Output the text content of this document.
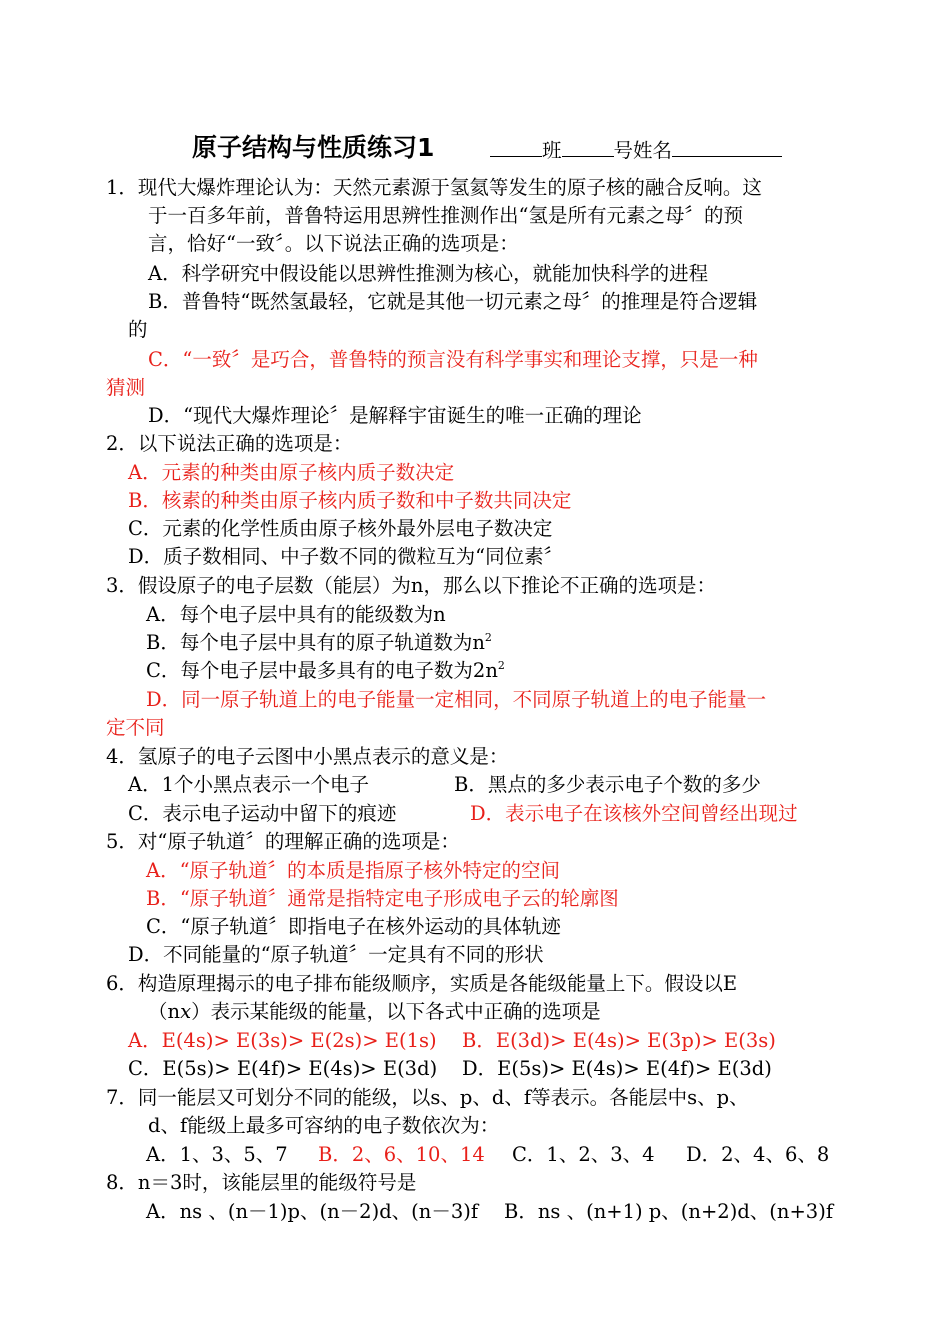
原子结构与性质练习1	班	号姓名
1．现代大爆炸理论认为：天然元素源于氢氦等发生的原子核的融合反响。这
于一百多年前，普鲁特运用思辨性推测作出“氢是所有元素之母〞的预
言，恰好“一致〞。以下说法正确的选项是：
A．科学研究中假设能以思辨性推测为核心，就能加快科学的进程
B．普鲁特“既然氢最轻，它就是其他一切元素之母〞的推理是符合逻辑
的
C．“一致〞是巧合，普鲁特的预言没有科学事实和理论支撑，只是一种
猜测
D．“现代大爆炸理论〞是解释宇宙诞生的唯一正确的理论
2．以下说法正确的选项是：
A．元素的种类由原子核内质子数决定
B．核素的种类由原子核内质子数和中子数共同决定
C．元素的化学性质由原子核外最外层电子数决定
D．质子数相同、中子数不同的微粒互为“同位素〞
3．假设原子的电子层数（能层）为n，那么以下推论不正确的选项是：
A．每个电子层中具有的能级数为n
B．每个电子层中具有的原子轨道数为$n^2$
C．每个电子层中最多具有的电子数为$2n^2$
D．同一原子轨道上的电子能量一定相同，不同原子轨道上的电子能量一
定不同
4．氢原子的电子云图中小黑点表示的意义是：
A．1个小黑点表示一个电子	B．黑点的多少表示电子个数的多少
C．表示电子运动中留下的痕迹	D．表示电子在该核外空间曾经出现过
5．对“原子轨道〞的理解正确的选项是：
A．“原子轨道〞的本质是指原子核外特定的空间
B．“原子轨道〞通常是指特定电子形成电子云的轮廓图
C．“原子轨道〞即指电子在核外运动的具体轨迹
D．不同能量的“原子轨道〞一定具有不同的形状
6．构造原理揭示的电子排布能级顺序，实质是各能级能量上下。假设以E
（nx）表示某能级的能量，以下各式中正确的选项是
A．E(4s)> E(3s)> E(2s)> E(1s) B．E(3d)> E(4s)> E(3p)> E(3s)
C．E(5s)> E(4f)> E(4s)> E(3d) D．E(5s)> E(4s)> E(4f)> E(3d)
7．同一能层又可划分不同的能级，以s、p、d、f等表示。各能层中s、p、
d、f能级上最多可容纳的电子数依次为：
A．1、3、5、7 B．2、6、10、14 C．1、2、3、4 D．2、4、6、8
8．n＝3时，该能层里的能级符号是
A．ns 、(n－1)p、(n－2)d、(n－3)f B．ns 、(n+1) p、(n+2)d、(n+3)f
